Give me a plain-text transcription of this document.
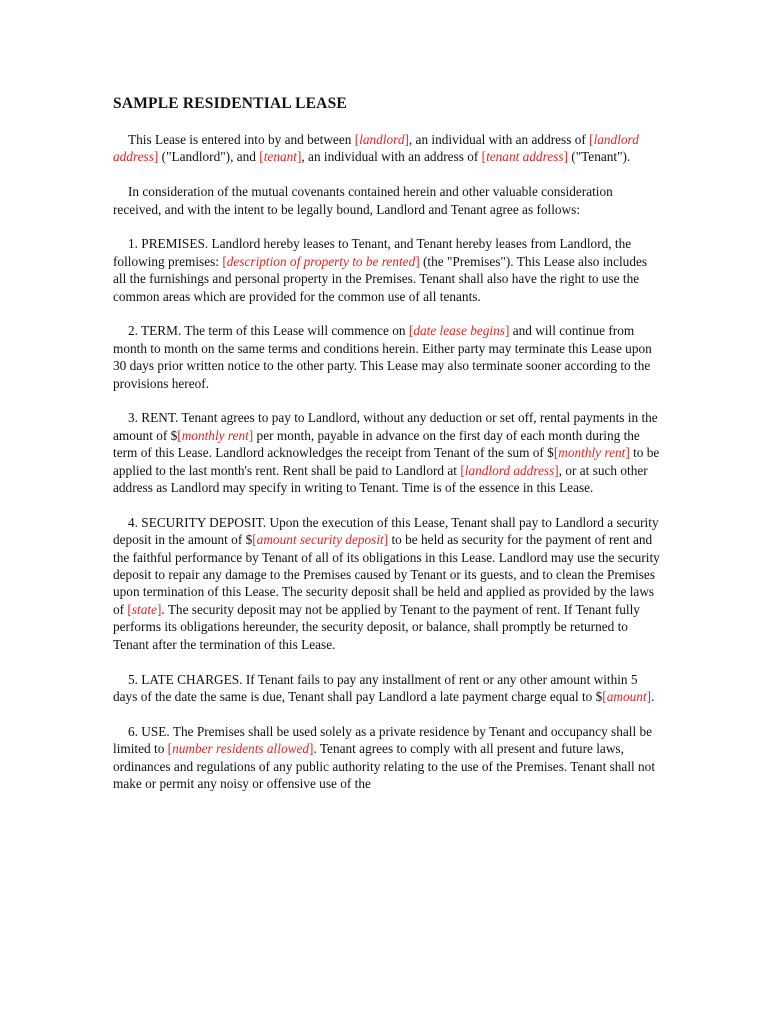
SAMPLE RESIDENTIAL LEASE

This Lease is entered into by and between [landlord], an individual with an address of [landlord address] ("Landlord"), and [tenant], an individual with an address of [tenant address] ("Tenant").

In consideration of the mutual covenants contained herein and other valuable consideration received, and with the intent to be legally bound, Landlord and Tenant agree as follows:

1. PREMISES. Landlord hereby leases to Tenant, and Tenant hereby leases from Landlord, the following premises: [description of property to be rented] (the "Premises"). This Lease also includes all the furnishings and personal property in the Premises. Tenant shall also have the right to use the common areas which are provided for the common use of all tenants.

2. TERM. The term of this Lease will commence on [date lease begins] and will continue from month to month on the same terms and conditions herein. Either party may terminate this Lease upon 30 days prior written notice to the other party. This Lease may also terminate sooner according to the provisions hereof.

3. RENT. Tenant agrees to pay to Landlord, without any deduction or set off, rental payments in the amount of $[monthly rent] per month, payable in advance on the first day of each month during the term of this Lease. Landlord acknowledges the receipt from Tenant of the sum of $[monthly rent] to be applied to the last month's rent. Rent shall be paid to Landlord at [landlord address], or at such other address as Landlord may specify in writing to Tenant. Time is of the essence in this Lease.

4. SECURITY DEPOSIT. Upon the execution of this Lease, Tenant shall pay to Landlord a security deposit in the amount of $[amount security deposit] to be held as security for the payment of rent and the faithful performance by Tenant of all of its obligations in this Lease. Landlord may use the security deposit to repair any damage to the Premises caused by Tenant or its guests, and to clean the Premises upon termination of this Lease. The security deposit shall be held and applied as provided by the laws of [state]. The security deposit may not be applied by Tenant to the payment of rent. If Tenant fully performs its obligations hereunder, the security deposit, or balance, shall promptly be returned to Tenant after the termination of this Lease.

5. LATE CHARGES. If Tenant fails to pay any installment of rent or any other amount within 5 days of the date the same is due, Tenant shall pay Landlord a late payment charge equal to $[amount].

6. USE. The Premises shall be used solely as a private residence by Tenant and occupancy shall be limited to [number residents allowed]. Tenant agrees to comply with all present and future laws, ordinances and regulations of any public authority relating to the use of the Premises. Tenant shall not make or permit any noisy or offensive use of the
